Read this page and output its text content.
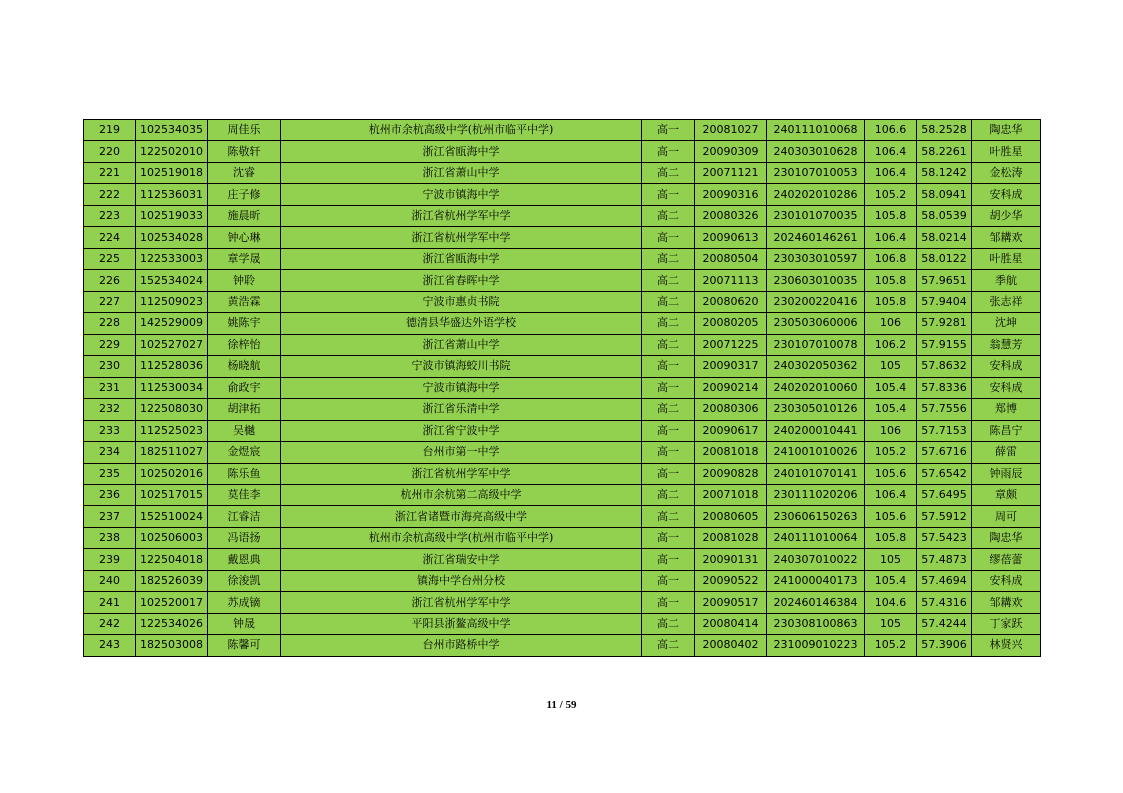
219	102534035	周佳乐	杭州市余杭高级中学(杭州市临平中学)	高一	20081027	240111010068	106.6	58.2528	陶忠华
220	122502010	陈敬轩	浙江省瓯海中学	高一	20090309	240303010628	106.4	58.2261	叶胜星
221	102519018	沈睿	浙江省萧山中学	高二	20071121	230107010053	106.4	58.1242	金松涛
222	112536031	庄子修	宁波市镇海中学	高一	20090316	240202010286	105.2	58.0941	安科成
223	102519033	施晨昕	浙江省杭州学军中学	高二	20080326	230101070035	105.8	58.0539	胡少华
224	102534028	钟心琳	浙江省杭州学军中学	高一	20090613	202460146261	106.4	58.0214	邹耩欢
225	122533003	章学晟	浙江省瓯海中学	高二	20080504	230303010597	106.8	58.0122	叶胜星
226	152534024	钟聆	浙江省春晖中学	高二	20071113	230603010035	105.8	57.9651	季航
227	112509023	黄浩霖	宁波市惠贞书院	高二	20080620	230200220416	105.8	57.9404	张志祥
228	142529009	姚陈宇	德清县华盛达外语学校	高二	20080205	230503060006	106	57.9281	沈坤
229	102527027	徐梓怡	浙江省萧山中学	高二	20071225	230107010078	106.2	57.9155	翁慧芳
230	112528036	杨晓航	宁波市镇海蛟川书院	高一	20090317	240302050362	105	57.8632	安科成
231	112530034	俞政宇	宁波市镇海中学	高一	20090214	240202010060	105.4	57.8336	安科成
232	122508030	胡津拓	浙江省乐清中学	高二	20080306	230305010126	105.4	57.7556	郑博
233	112525023	吴樾	浙江省宁波中学	高一	20090617	240200010441	106	57.7153	陈昌宁
234	182511027	金煜宸	台州市第一中学	高一	20081018	241001010026	105.2	57.6716	薛雷
235	102502016	陈乐鱼	浙江省杭州学军中学	高一	20090828	240101070141	105.6	57.6542	钟雨辰
236	102517015	莫佳李	杭州市余杭第二高级中学	高二	20071018	230111020206	106.4	57.6495	章颇
237	152510024	江睿洁	浙江省诸暨市海亮高级中学	高二	20080605	230606150263	105.6	57.5912	周可
238	102506003	冯语扬	杭州市余杭高级中学(杭州市临平中学)	高一	20081028	240111010064	105.8	57.5423	陶忠华
239	122504018	戴恩典	浙江省瑞安中学	高一	20090131	240307010022	105	57.4873	缪蓓蕾
240	182526039	徐浚凯	镇海中学台州分校	高一	20090522	241000040173	105.4	57.4694	安科成
241	102520017	苏成镝	浙江省杭州学军中学	高一	20090517	202460146384	104.6	57.4316	邹耩欢
242	122534026	钟晟	平阳县浙鳌高级中学	高二	20080414	230308100863	105	57.4244	丁家跃
243	182503008	陈馨可	台州市路桥中学	高二	20080402	231009010223	105.2	57.3906	林贤兴
11 / 59
